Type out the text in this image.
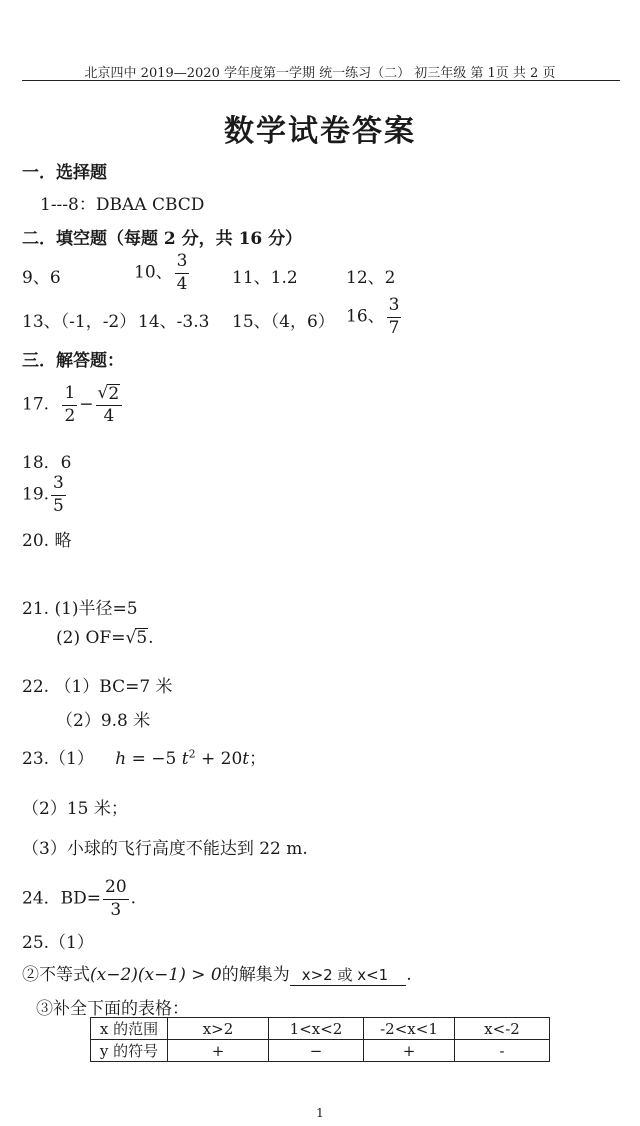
北京四中 2019—2020 学年度第一学期 统一练习（二） 初三年级 第 1页 共 2 页
数学试卷答案
一．选择题
1---8：DBAA CBCD
二．填空题（每题 2 分，共 16 分）
9、6	10、 $\frac{3}{4}$	11、1.2	12、2
13、（-1，-2） 14、-3.3 15、（4，6） 16、 $\frac{3}{7}$
三．解答题：
17. $\frac{1}{2} - \frac{√ 2}{4}$
18．6
19. $\frac{3}{5}$
20. 略
21. (1)半径=5
(2) OF= √ 5 .
22. （1）BC=7 米
（2）9.8 米
23.（1） h = −5 $t^2 + 20t$；
（2）15 米；
（3）小球的飞行高度不能达到 22 m.
24．$BD= \frac{20}{3}$ .
25.（1）
②不等式(x−2)(x−1) > 0的解集为 x>2 或 x<1 .
③补全下面的表格：
x 的范围	x>2	1<x<2	-2<x<1	x<-2
y 的符号	+	−	+	-
1
